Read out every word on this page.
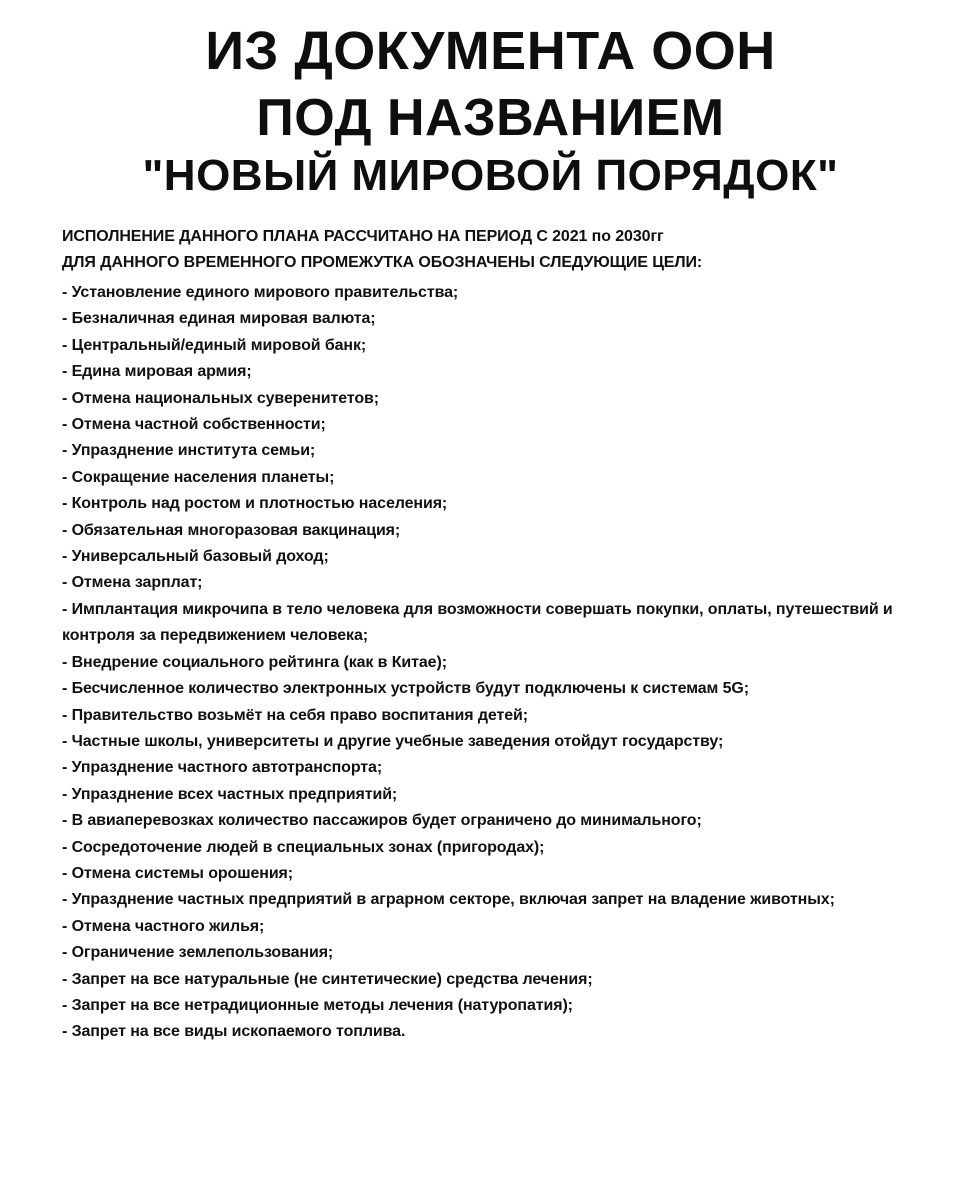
ИЗ ДОКУМЕНТА ООН
ПОД НАЗВАНИЕМ
"НОВЫЙ МИРОВОЙ ПОРЯДОК"
ИСПОЛНЕНИЕ ДАННОГО ПЛАНА РАССЧИТАНО НА ПЕРИОД С 2021 по 2030гг
ДЛЯ ДАННОГО ВРЕМЕННОГО ПРОМЕЖУТКА ОБОЗНАЧЕНЫ СЛЕДУЮЩИЕ ЦЕЛИ:
- Установление единого мирового правительства;
- Безналичная единая мировая валюта;
- Центральный/единый мировой банк;
- Едина мировая армия;
- Отмена национальных суверенитетов;
- Отмена частной собственности;
- Упразднение института семьи;
- Сокращение населения планеты;
- Контроль над ростом и плотностью населения;
- Обязательная многоразовая вакцинация;
- Универсальный базовый доход;
- Отмена зарплат;
- Имплантация микрочипа в тело человека для возможности совершать покупки, оплаты, путешествий и контроля за передвижением человека;
- Внедрение социального рейтинга (как в Китае);
- Бесчисленное количество электронных устройств будут подключены к системам 5G;
- Правительство возьмёт на себя право воспитания детей;
- Частные школы, университеты и другие учебные заведения отойдут государству;
- Упразднение частного автотранспорта;
- Упразднение всех частных предприятий;
- В авиаперевозках количество пассажиров будет ограничено до минимального;
- Сосредоточение людей в специальных зонах (пригородах);
- Отмена системы орошения;
- Упразднение частных предприятий в аграрном секторе, включая запрет на владение животных;
- Отмена частного жилья;
- Ограничение землепользования;
- Запрет на все натуральные (не синтетические) средства лечения;
- Запрет на все нетрадиционные методы лечения (натуропатия);
- Запрет на все виды ископаемого топлива.
